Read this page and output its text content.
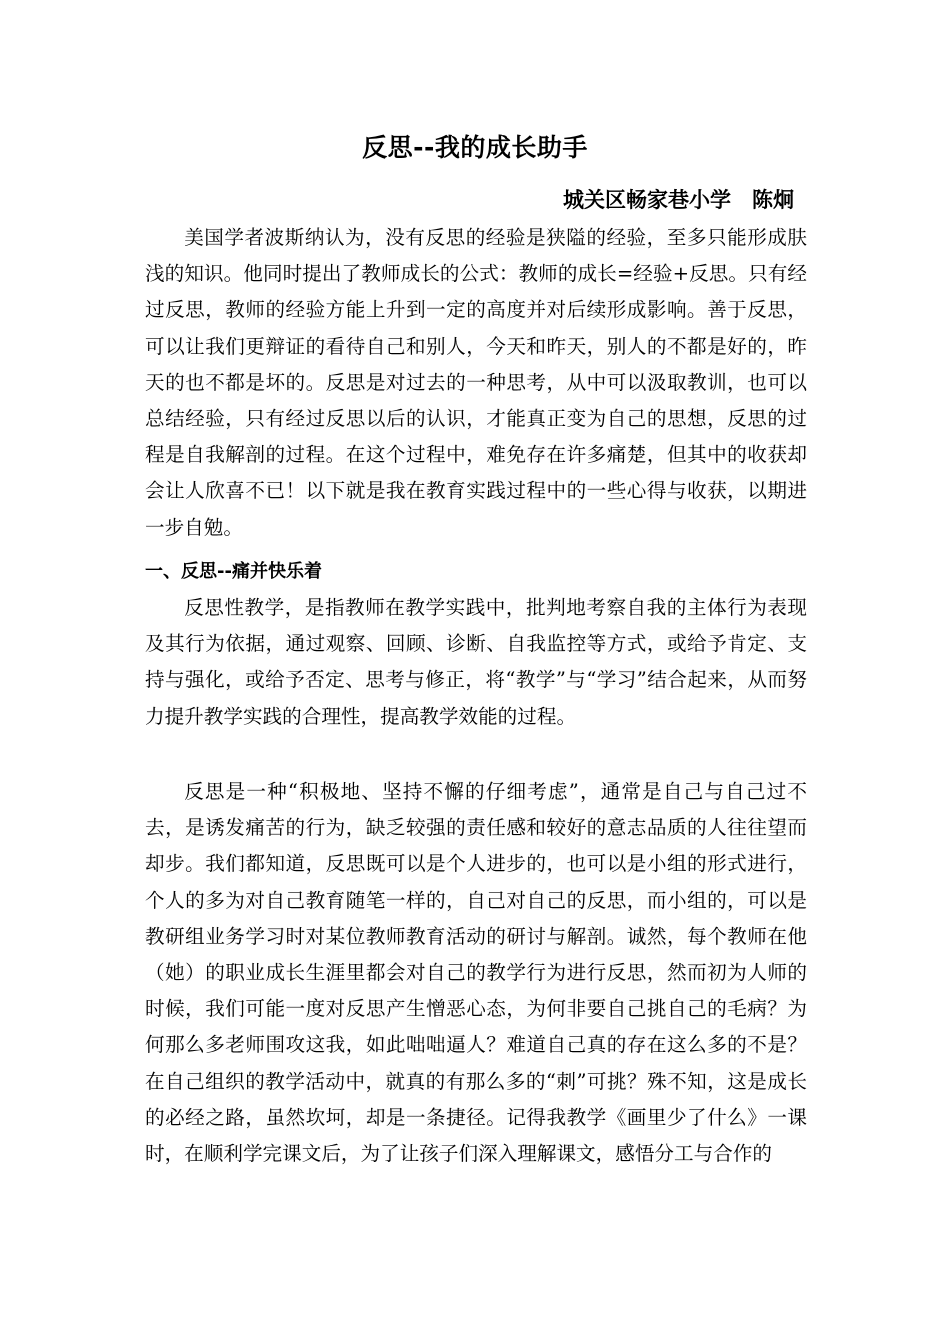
反思--我的成长助手
城关区畅家巷小学　陈炯

美国学者波斯纳认为，没有反思的经验是狭隘的经验，至多只能形成肤浅的知识。他同时提出了教师成长的公式：教师的成长=经验+反思。只有经过反思，教师的经验方能上升到一定的高度并对后续形成影响。善于反思，可以让我们更辩证的看待自己和别人，今天和昨天，别人的不都是好的，昨天的也不都是坏的。反思是对过去的一种思考，从中可以汲取教训，也可以总结经验，只有经过反思以后的认识，才能真正变为自己的思想，反思的过程是自我解剖的过程。在这个过程中，难免存在许多痛楚，但其中的收获却会让人欣喜不已！以下就是我在教育实践过程中的一些心得与收获，以期进一步自勉。

一、反思--痛并快乐着

反思性教学，是指教师在教学实践中，批判地考察自我的主体行为表现及其行为依据，通过观察、回顾、诊断、自我监控等方式，或给予肯定、支持与强化，或给予否定、思考与修正，将“教学”与“学习”结合起来，从而努力提升教学实践的合理性，提高教学效能的过程。

反思是一种“积极地、坚持不懈的仔细考虑”，通常是自己与自己过不去，是诱发痛苦的行为，缺乏较强的责任感和较好的意志品质的人往往望而却步。我们都知道，反思既可以是个人进步的，也可以是小组的形式进行，个人的多为对自己教育随笔一样的，自己对自己的反思，而小组的，可以是教研组业务学习时对某位教师教育活动的研讨与解剖。诚然，每个教师在他（她）的职业成长生涯里都会对自己的教学行为进行反思，然而初为人师的时候，我们可能一度对反思产生憎恶心态，为何非要自己挑自己的毛病？为何那么多老师围攻这我，如此咄咄逼人？难道自己真的存在这么多的不是？在自己组织的教学活动中，就真的有那么多的“刺”可挑？殊不知，这是成长的必经之路，虽然坎坷，却是一条捷径。记得我教学《画里少了什么》一课时，在顺利学完课文后，为了让孩子们深入理解课文，感悟分工与合作的
